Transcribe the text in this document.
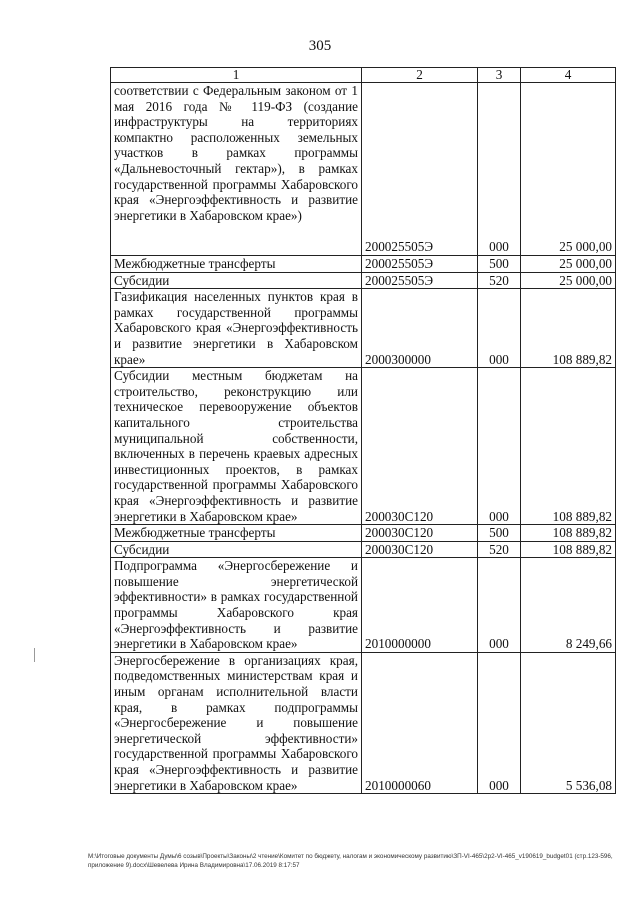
305
1	2	3	4
соответствии с Федеральным законом от 1 мая 2016 года № 119-ФЗ (создание инфраструктуры на территориях компактно расположенных земельных участков в рамках программы «Дальневосточный гектар»), в рамках государственной программы Хабаровского края «Энергоэффективность и развитие энергетики в Хабаровском крае»)	200025505Э	000	25 000,00
Межбюджетные трансферты	200025505Э	500	25 000,00
Субсидии	200025505Э	520	25 000,00
Газификация населенных пунктов края в рамках государственной программы Хабаровского края «Энергоэффективность и развитие энергетики в Хабаровском крае»	2000300000	000	108 889,82
Субсидии местным бюджетам на строительство, реконструкцию или техническое перевооружение объектов капитального строительства муниципальной собственности, включенных в перечень краевых адресных инвестиционных проектов, в рамках государственной программы Хабаровского края «Энергоэффективность и развитие энергетики в Хабаровском крае»	200030С120	000	108 889,82
Межбюджетные трансферты	200030С120	500	108 889,82
Субсидии	200030С120	520	108 889,82
Подпрограмма «Энергосбережение и повышение энергетической эффективности» в рамках государственной программы Хабаровского края «Энергоэффективность и развитие энергетики в Хабаровском крае»	2010000000	000	8 249,66
Энергосбережение в организациях края, подведомственных министерствам края и иным органам исполнительной власти края, в рамках подпрограммы «Энергосбережение и повышение энергетической эффективности» государственной программы Хабаровского края «Энергоэффективность и развитие энергетики в Хабаровском крае»	2010000060	000	5 536,08
М:\Итоговые документы Думы\6 созыв\Проекты\Законы\2 чтение\Комитет по бюджету, налогам и экономическому развитию\ЗП-VI-465\2р2-VI-465_v190619_budget01 (стр.123-596, приложение 9).docx\Шевелева Ирина Владимировна\17.06.2019 8:17:57
